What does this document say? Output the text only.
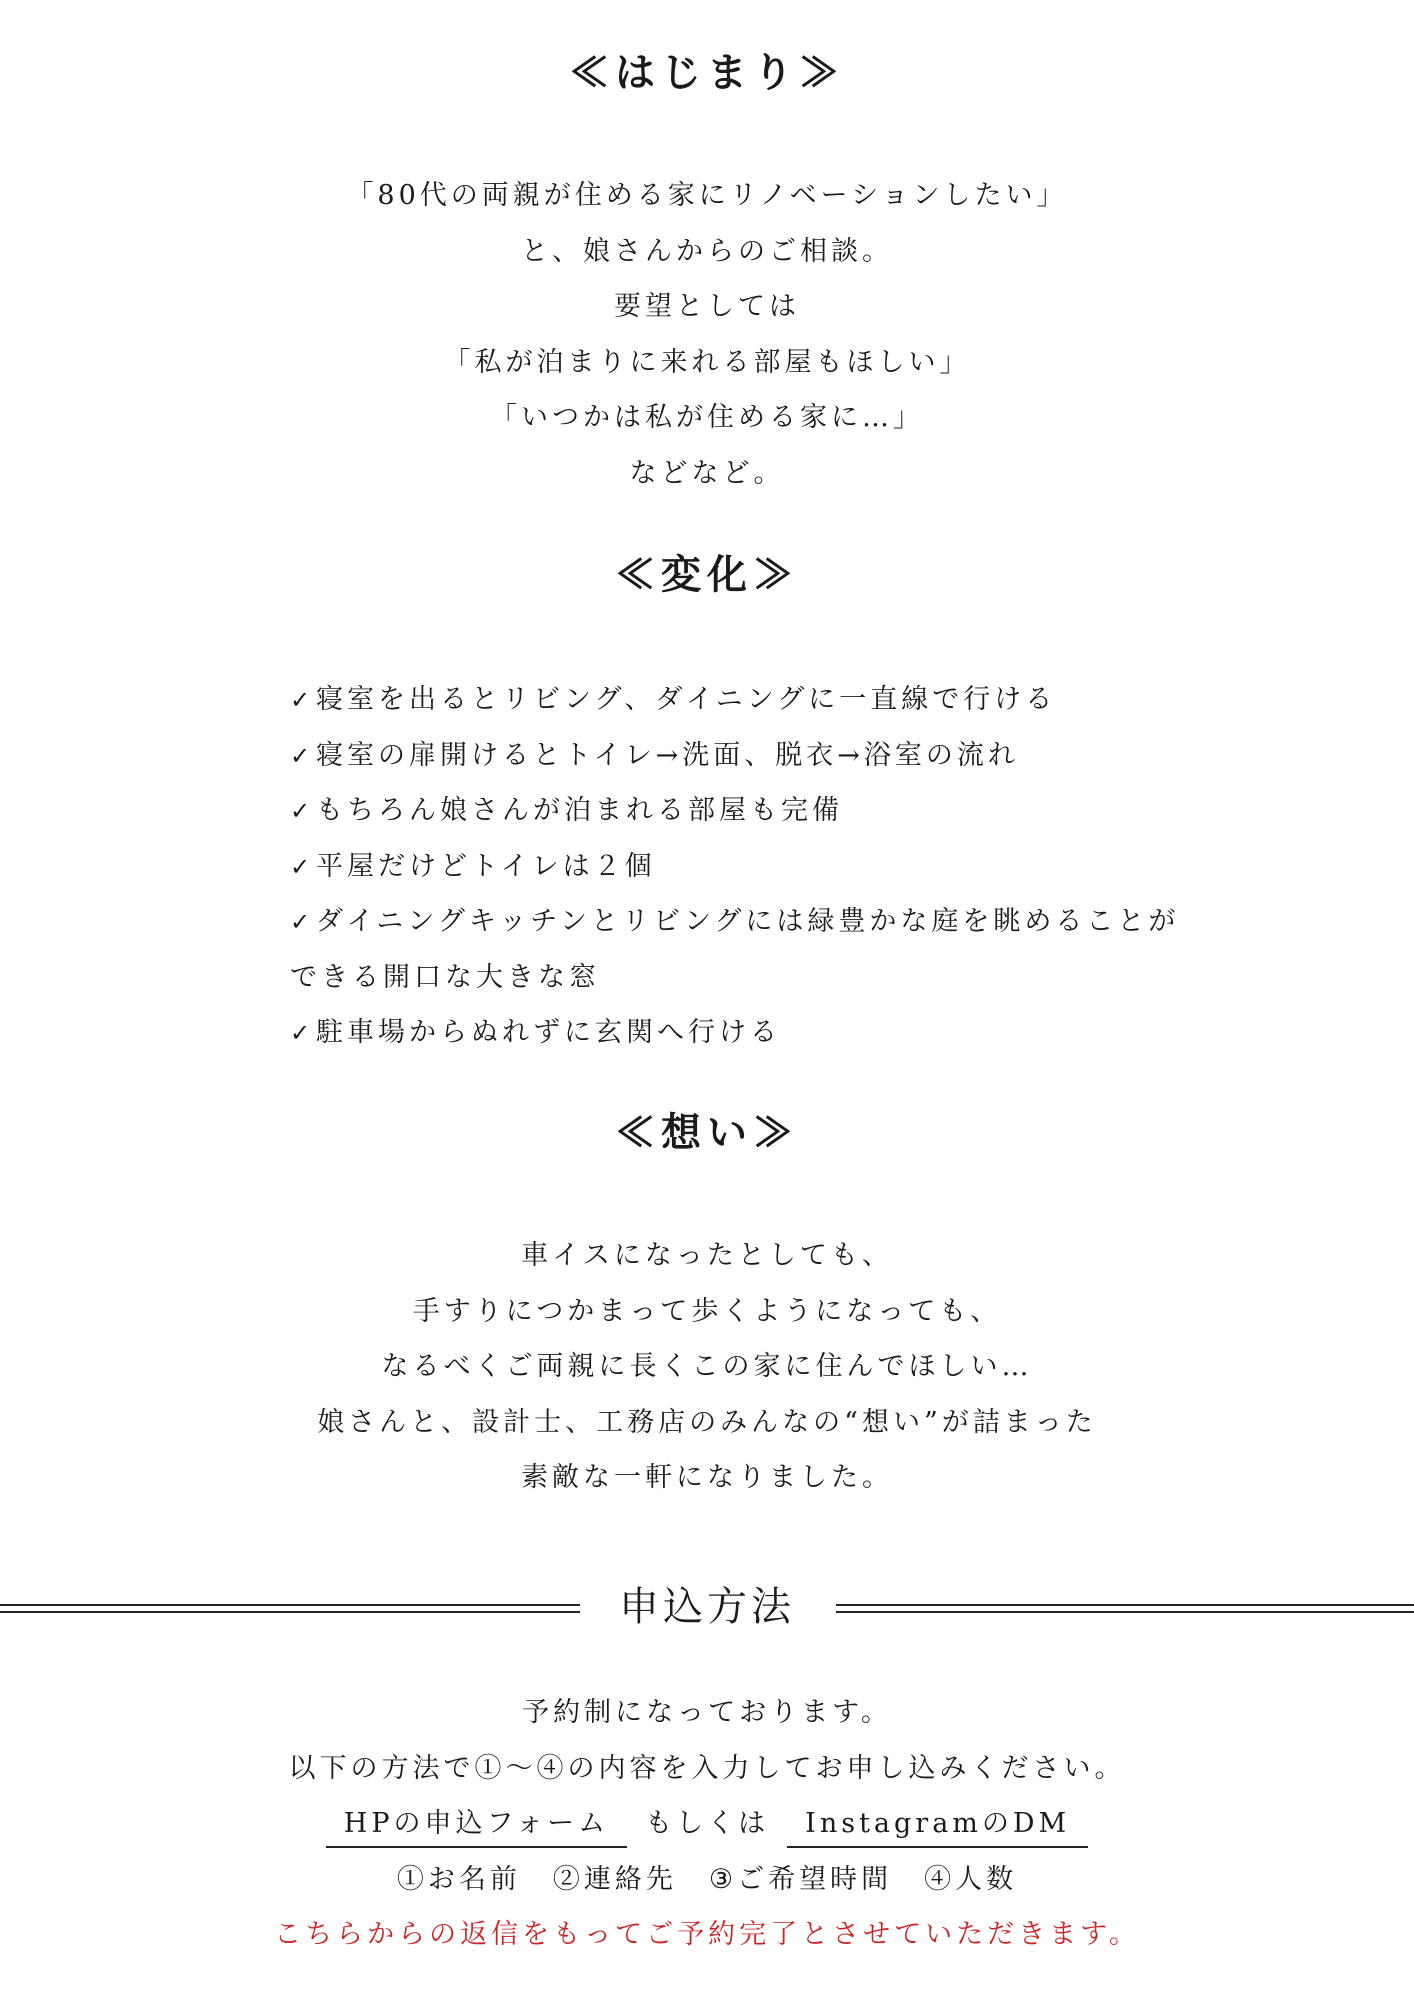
≪はじまり≫
「80代の両親が住める家にリノベーションしたい」
と、娘さんからのご相談。
要望としては
「私が泊まりに来れる部屋もほしい」
「いつかは私が住める家に…」
などなど。
≪変化≫
✓寝室を出るとリビング、ダイニングに一直線で行ける
✓寝室の扉開けるとトイレ→洗面、脱衣→浴室の流れ
✓もちろん娘さんが泊まれる部屋も完備
✓平屋だけどトイレは２個
✓ダイニングキッチンとリビングには緑豊かな庭を眺めることが
できる開口な大きな窓
✓駐車場からぬれずに玄関へ行ける
≪想い≫
車イスになったとしても、
手すりにつかまって歩くようになっても、
なるべくご両親に長くこの家に住んでほしい…
娘さんと、設計士、工務店のみんなの“想い”が詰まった
素敵な一軒になりました。
申込方法
予約制になっております。
以下の方法で①〜④の内容を入力してお申し込みください。
HPの申込フォーム もしくは InstagramのDM
①お名前 ②連絡先 ③ご希望時間 ④人数
こちらからの返信をもってご予約完了とさせていただきます。
